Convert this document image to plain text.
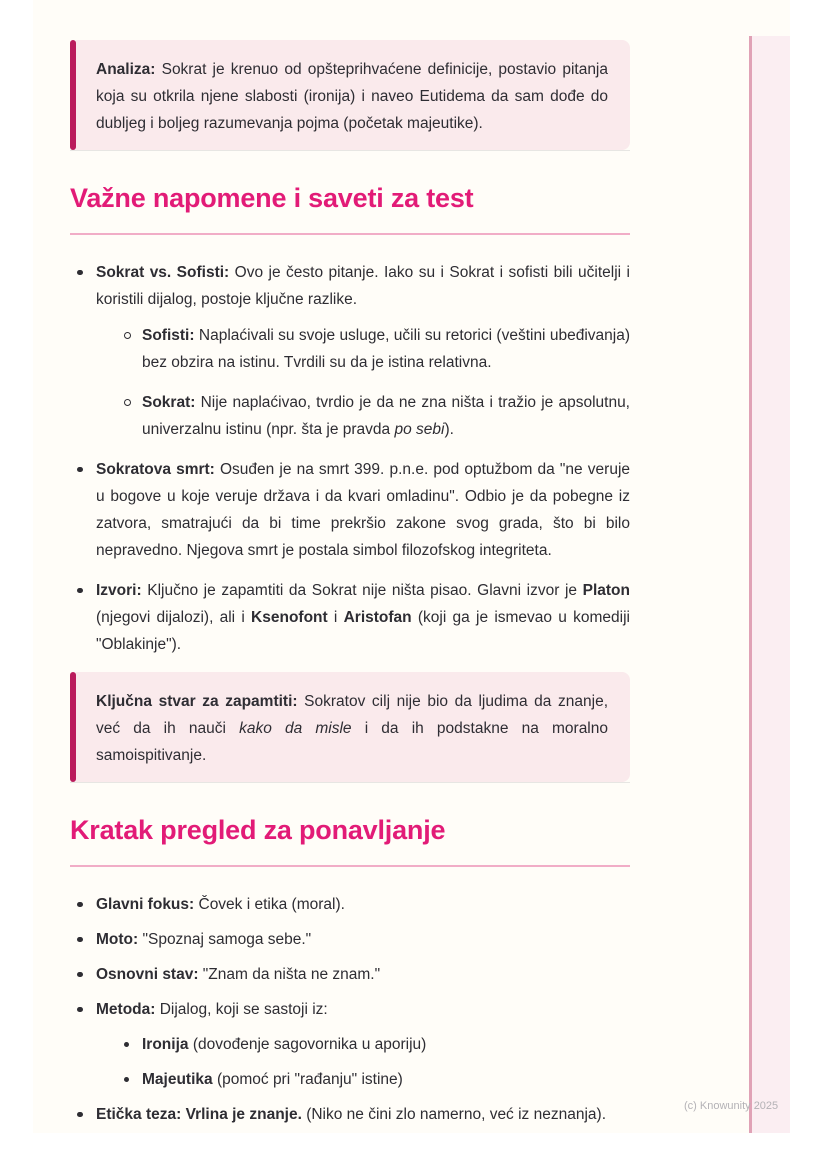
Analiza: Sokrat je krenuo od opšteprihvaćene definicije, postavio pitanja koja su otkrila njene slabosti (ironija) i naveo Eutidema da sam dođe do dubljeg i boljeg razumevanja pojma (početak majeutike).

Važne napomene i saveti za test

Sokrat vs. Sofisti: Ovo je često pitanje. Iako su i Sokrat i sofisti bili učitelji i koristili dijalog, postoje ključne razlike.

Sofisti: Naplaćivali su svoje usluge, učili su retorici (veštini ubeđivanja) bez obzira na istinu. Tvrdili su da je istina relativna.

Sokrat: Nije naplaćivao, tvrdio je da ne zna ništa i tražio je apsolutnu, univerzalnu istinu (npr. šta je pravda po sebi).

Sokratova smrt: Osuđen je na smrt 399. p.n.e. pod optužbom da "ne veruje u bogove u koje veruje država i da kvari omladinu". Odbio je da pobegne iz zatvora, smatrajući da bi time prekršio zakone svog grada, što bi bilo nepravedno. Njegova smrt je postala simbol filozofskog integriteta.

Izvori: Ključno je zapamtiti da Sokrat nije ništa pisao. Glavni izvor je Platon (njegovi dijalozi), ali i Ksenofont i Aristofan (koji ga je ismevao u komediji "Oblakinje").

Ključna stvar za zapamtiti: Sokratov cilj nije bio da ljudima da znanje, već da ih nauči kako da misle i da ih podstakne na moralno samoispitivanje.

Kratak pregled za ponavljanje

Glavni fokus: Čovek i etika (moral).

Moto: "Spoznaj samoga sebe."

Osnovni stav: "Znam da ništa ne znam."

Metoda: Dijalog, koji se sastoji iz:

Ironija (dovođenje sagovornika u aporiju)

Majeutika (pomoć pri "rađanju" istine)

Etička teza: Vrlina je znanje. (Niko ne čini zlo namerno, već iz neznanja).	(c) Knowunity 2025
